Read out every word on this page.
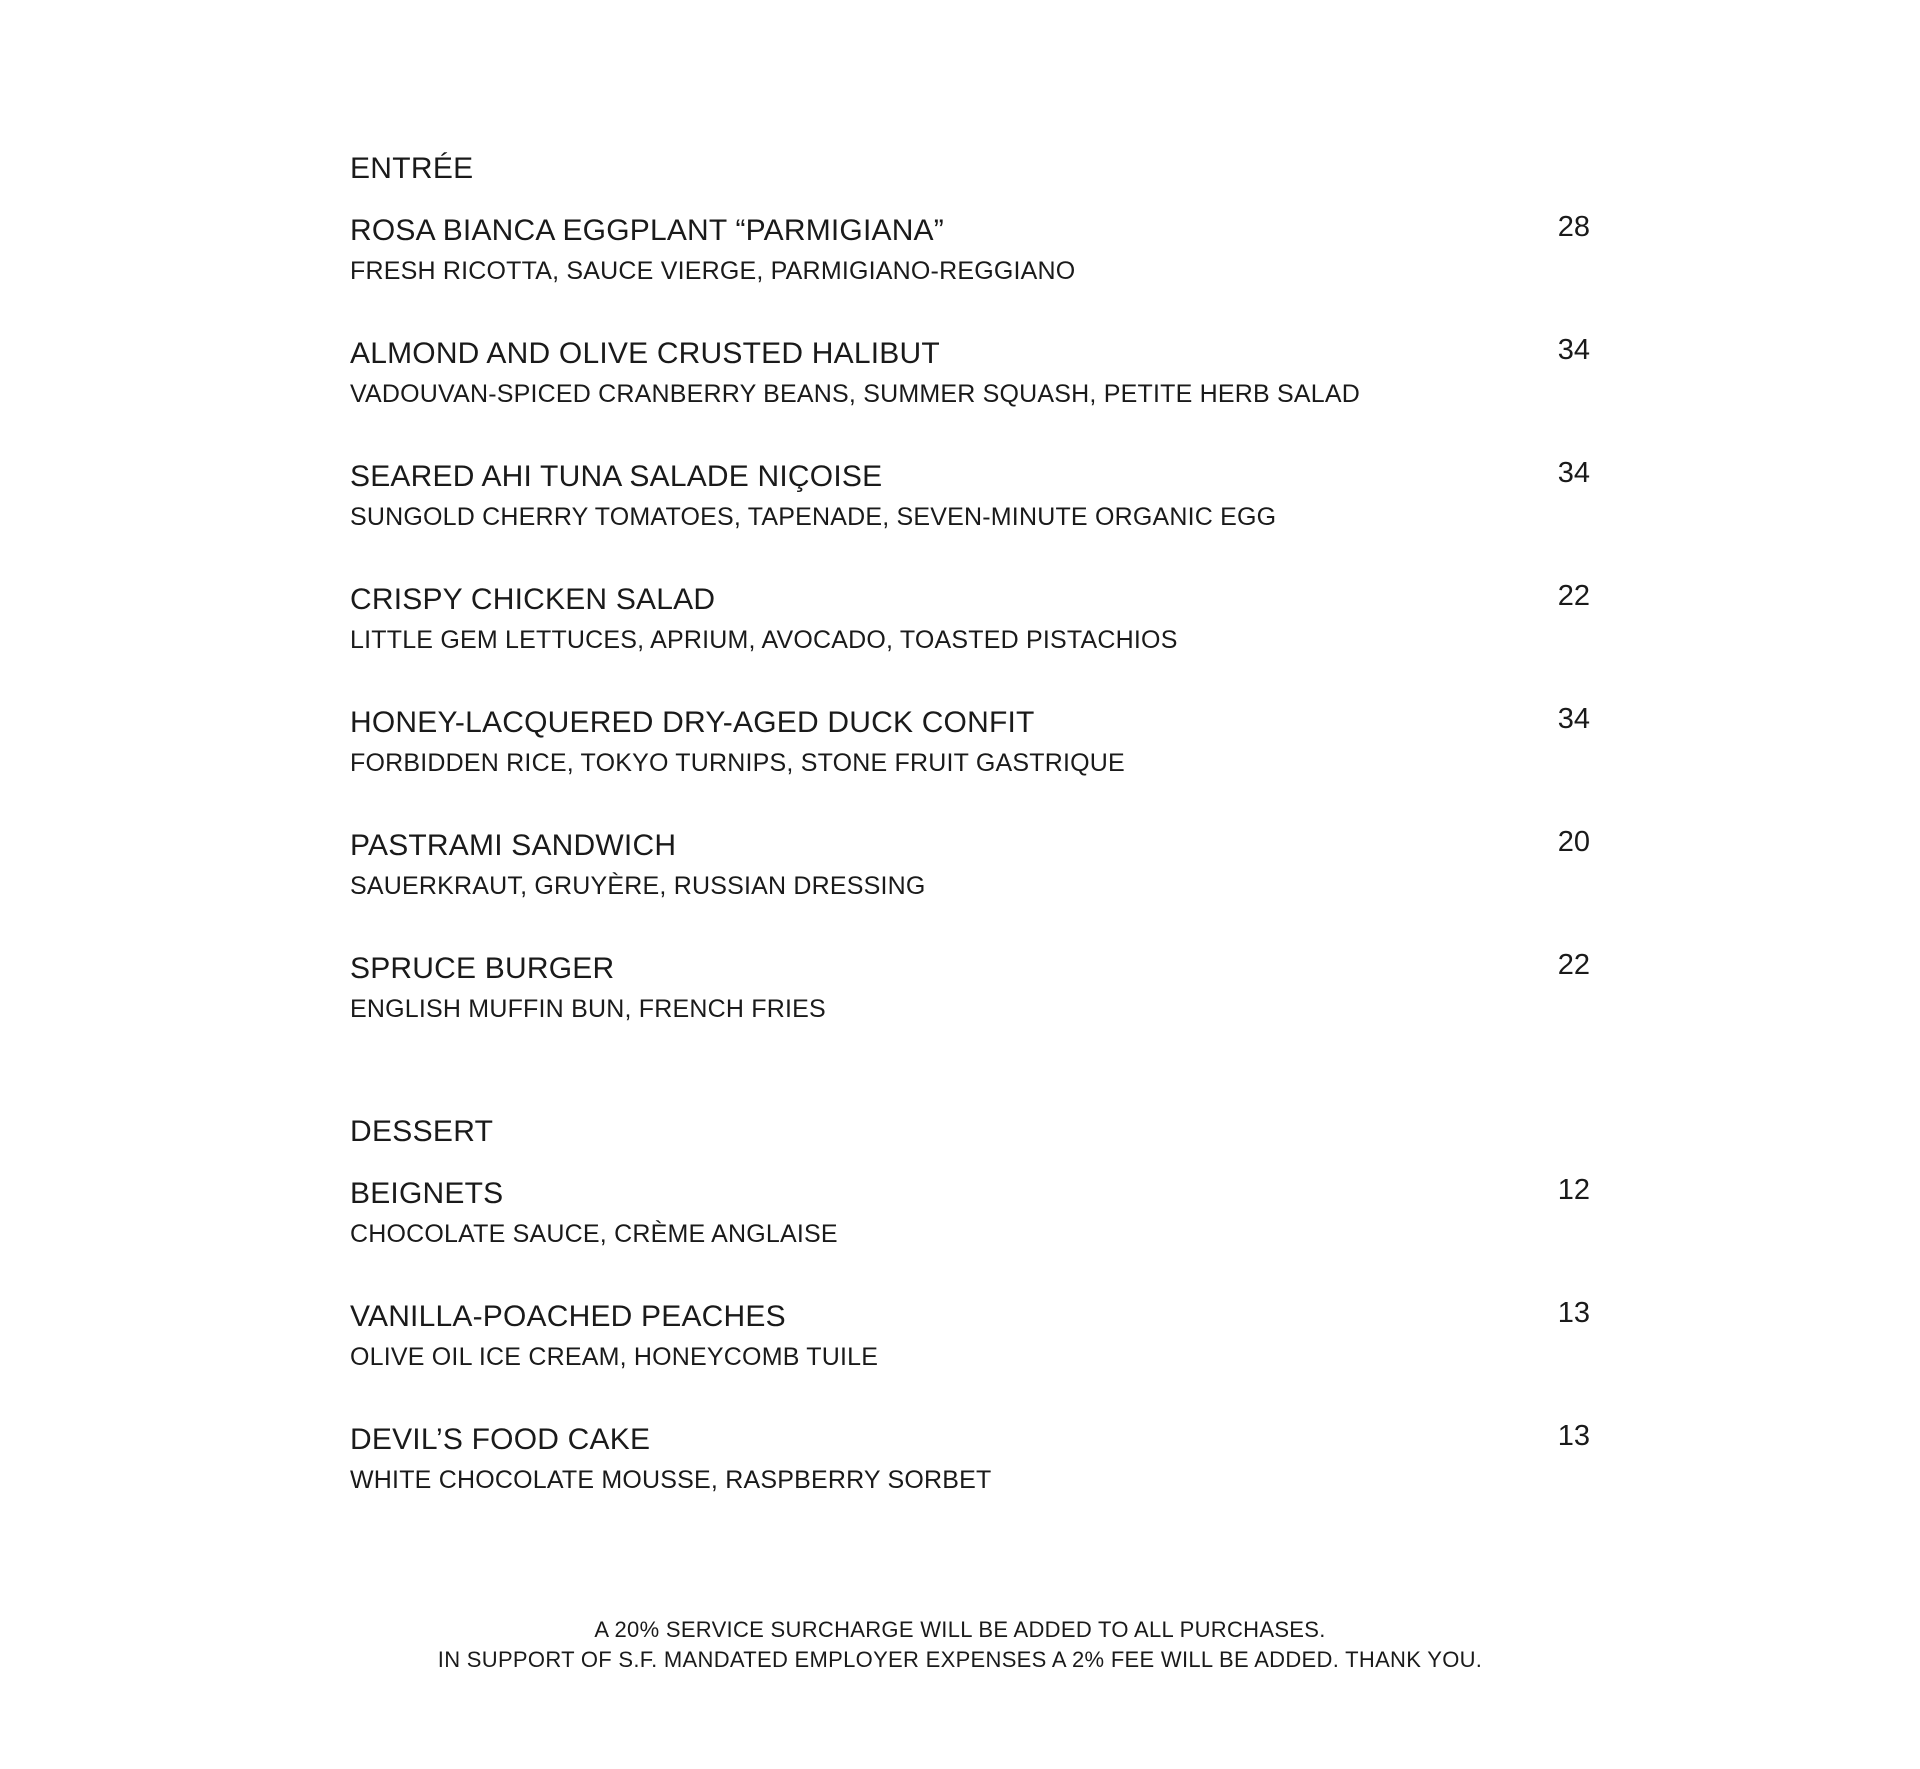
ENTRÉE
ROSA BIANCA EGGPLANT “PARMIGIANA”
FRESH RICOTTA, SAUCE VIERGE, PARMIGIANO-REGGIANO
28
ALMOND AND OLIVE CRUSTED HALIBUT
VADOUVAN-SPICED CRANBERRY BEANS, SUMMER SQUASH, PETITE HERB SALAD
34
SEARED AHI TUNA SALADE NIÇOISE
SUNGOLD CHERRY TOMATOES, TAPENADE, SEVEN-MINUTE ORGANIC EGG
34
CRISPY CHICKEN SALAD
LITTLE GEM LETTUCES, APRIUM, AVOCADO, TOASTED PISTACHIOS
22
HONEY-LACQUERED DRY-AGED DUCK CONFIT
FORBIDDEN RICE, TOKYO TURNIPS, STONE FRUIT GASTRIQUE
34
PASTRAMI SANDWICH
SAUERKRAUT, GRUYÈRE, RUSSIAN DRESSING
20
SPRUCE BURGER
ENGLISH MUFFIN BUN, FRENCH FRIES
22
DESSERT
BEIGNETS
CHOCOLATE SAUCE, CRÈME ANGLAISE
12
VANILLA-POACHED PEACHES
OLIVE OIL ICE CREAM, HONEYCOMB TUILE
13
DEVIL’S FOOD CAKE
WHITE CHOCOLATE MOUSSE, RASPBERRY SORBET
13
A 20% SERVICE SURCHARGE WILL BE ADDED TO ALL PURCHASES.
IN SUPPORT OF S.F. MANDATED EMPLOYER EXPENSES A 2% FEE WILL BE ADDED. THANK YOU.
